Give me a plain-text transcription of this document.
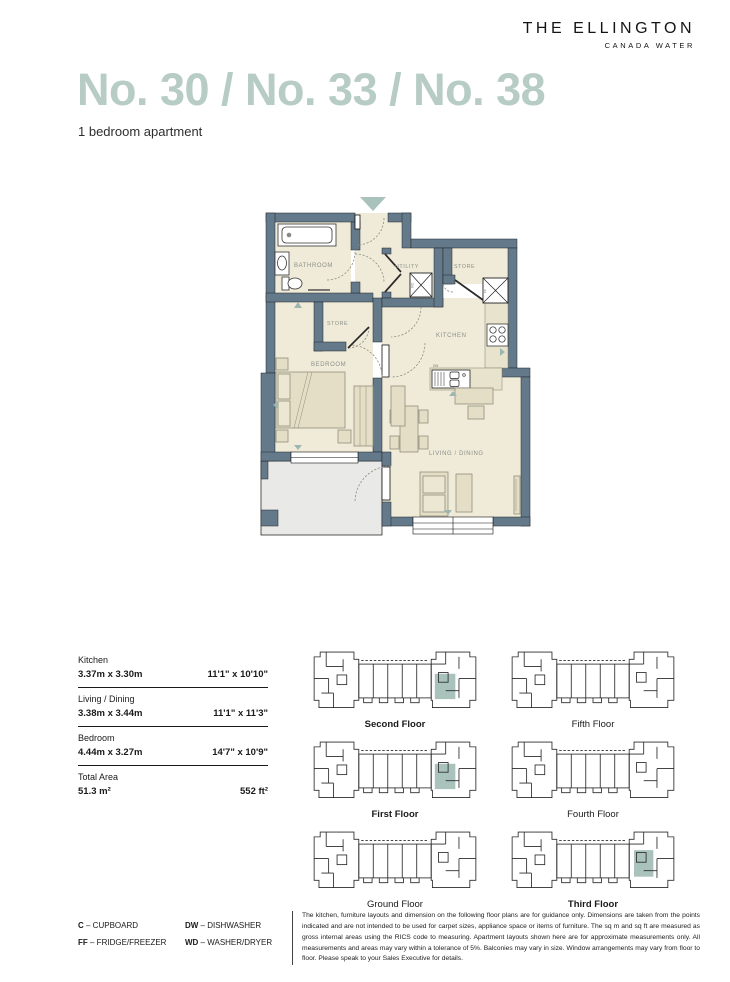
THE ELLINGTON
CANADA WATER
No. 30 / No. 33 / No. 38
1 bedroom apartment
WD
FF
DW
BATHROOM	UTILITY	STORE
STORE
KITCHEN
BEDROOM
LIVING / DINING
Kitchen
3.37m x 3.30m	11'1" x 10'10"
Living / Dining
3.38m x 3.44m	11'1" x 11'3"
Bedroom
4.44m x 3.27m	14'7" x 10'9"
Total Area
51.3 m²	552 ft²
Second Floor	Fifth Floor
First Floor	Fourth Floor
Ground Floor	Third Floor
C – CUPBOARD	DW – DISHWASHER
FF – FRIDGE/FREEZER	WD – WASHER/DRYER
The kitchen, furniture layouts and dimension on the following floor plans are for guidance only. Dimensions are taken from the points indicated and are not intended to be used for carpet sizes, appliance space or items of furniture. The sq m and sq ft are measured as gross internal areas using the RICS code to measuring. Apartment layouts shown here are for approximate measurements only. All measurements and areas may vary within a tolerance of 5%. Balconies may vary in size. Window arrangements may vary from floor to floor. Please speak to your Sales Executive for details.
